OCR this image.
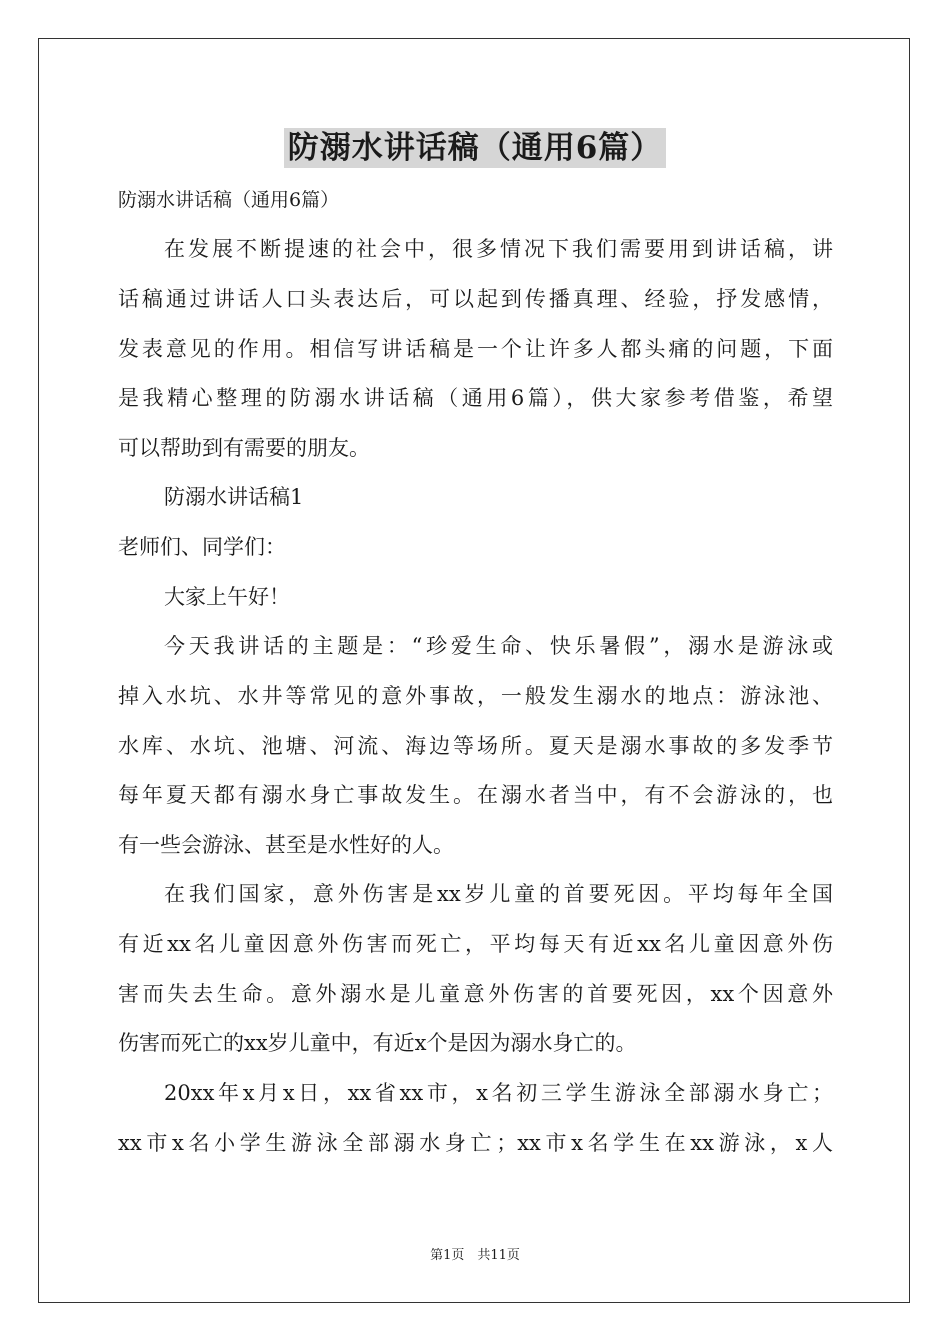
防溺水讲话稿（通用6篇）
防溺水讲话稿（通用6篇）
在发展不断提速的社会中，很多情况下我们需要用到讲话稿，讲
话稿通过讲话人口头表达后，可以起到传播真理、经验，抒发感情，
发表意见的作用。相信写讲话稿是一个让许多人都头痛的问题，下面
是我精心整理的防溺水讲话稿（通用6篇），供大家参考借鉴，希望
可以帮助到有需要的朋友。
防溺水讲话稿1
老师们、同学们：
大家上午好！
今天我讲话的主题是：“珍爱生命、快乐暑假”，溺水是游泳或
掉入水坑、水井等常见的意外事故，一般发生溺水的地点：游泳池、
水库、水坑、池塘、河流、海边等场所。夏天是溺水事故的多发季节
每年夏天都有溺水身亡事故发生。在溺水者当中，有不会游泳的，也
有一些会游泳、甚至是水性好的人。
在我们国家，意外伤害是xx岁儿童的首要死因。平均每年全国
有近xx名儿童因意外伤害而死亡，平均每天有近xx名儿童因意外伤
害而失去生命。意外溺水是儿童意外伤害的首要死因，xx个因意外
伤害而死亡的xx岁儿童中，有近x个是因为溺水身亡的。
20xx年x月x日，xx省xx市，x名初三学生游泳全部溺水身亡；
xx市x名小学生游泳全部溺水身亡；xx市x名学生在xx游泳，x人
第1页　共11页
